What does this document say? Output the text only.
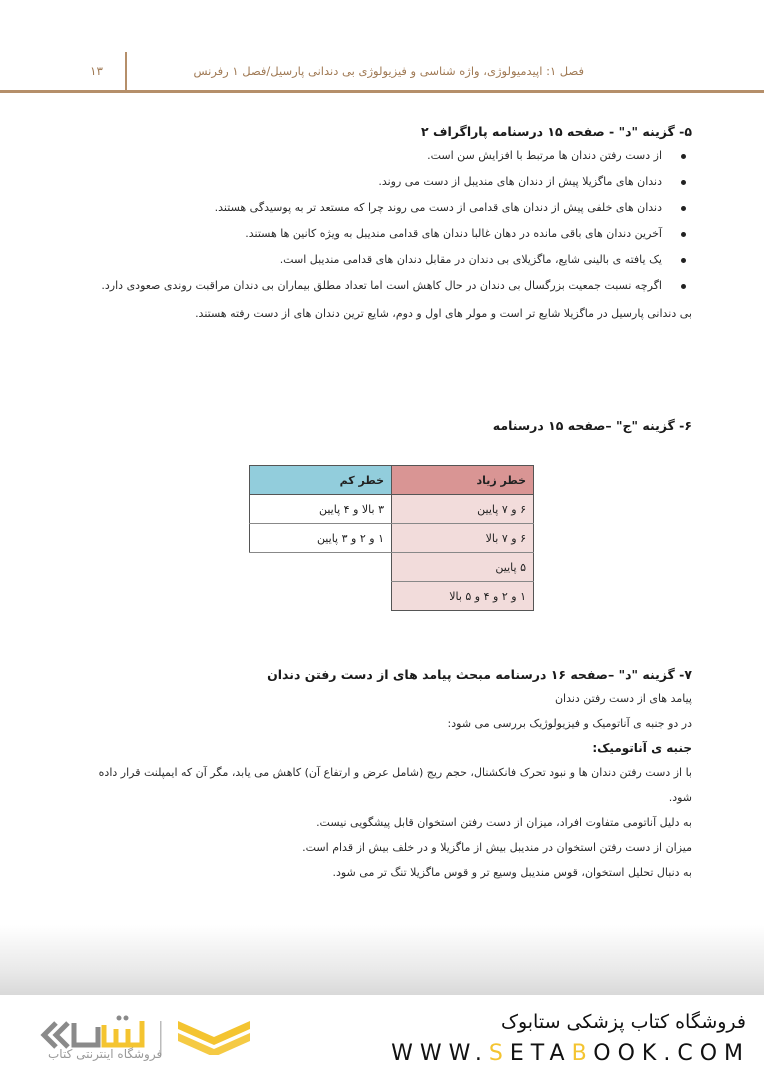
۱۳	فصل ۱: اپیدمیولوژی، واژه شناسی و فیزیولوژی بی دندانی پارسیل/فصل ۱ رفرنس
۵- گزینه "د" - صفحه ۱۵ درسنامه پاراگراف ۲
از دست رفتن دندان ها مرتبط با افزایش سن است.
دندان های ماگزیلا پیش از دندان های مندیبل از دست می روند.
دندان های خلفی پیش از دندان های قدامی از دست می روند چرا که مستعد تر به پوسیدگی هستند.
آخرین دندان های باقی مانده در دهان غالبا دندان های قدامی مندیبل به ویژه کانین ها هستند.
یک یافته ی بالینی شایع، ماگزیلای بی دندان در مقابل دندان های قدامی مندیبل است.
اگرچه نسبت جمعیت بزرگسال بی دندان در حال کاهش است اما تعداد مطلق بیماران بی دندان مراقبت روندی صعودی دارد.
بی دندانی پارسیل در ماگزیلا شایع تر است و مولر های اول و دوم، شایع ترین دندان های از دست رفته هستند.
۶- گزینه "ج" –صفحه ۱۵ درسنامه
خطر زیاد	خطر کم
۶ و ۷ پایین	۳ بالا و ۴ پایین
۶ و ۷ بالا	۱ و ۲ و ۳ پایین
۵ پایین	
۱ و ۲ و ۴ و ۵ بالا	
۷- گزینه "د" –صفحه ۱۶ درسنامه مبحث پیامد های از دست رفتن دندان
پیامد های از دست رفتن دندان
در دو جنبه ی آناتومیک و فیزیولوژیک بررسی می شود:
جنبه ی آناتومیک:
با از دست رفتن دندان ها و نبود تحرک فانکشنال، حجم ریج (شامل عرض و ارتفاع آن) کاهش می یابد، مگر آن که ایمپلنت قرار داده شود.
به دلیل آناتومی متفاوت افراد، میزان از دست رفتن استخوان قابل پیشگویی نیست.
میزان از دست رفتن استخوان در مندیبل بیش از ماگزیلا و در خلف بیش از قدام است.
به دنبال تحلیل استخوان، قوس مندیبل وسیع تر و قوس ماگزیلا تنگ تر می شود.
فروشگاه اینترنتی کتاب
فروشگاه کتاب پزشکی ستابوک
WWW.SETABOOK.COM
